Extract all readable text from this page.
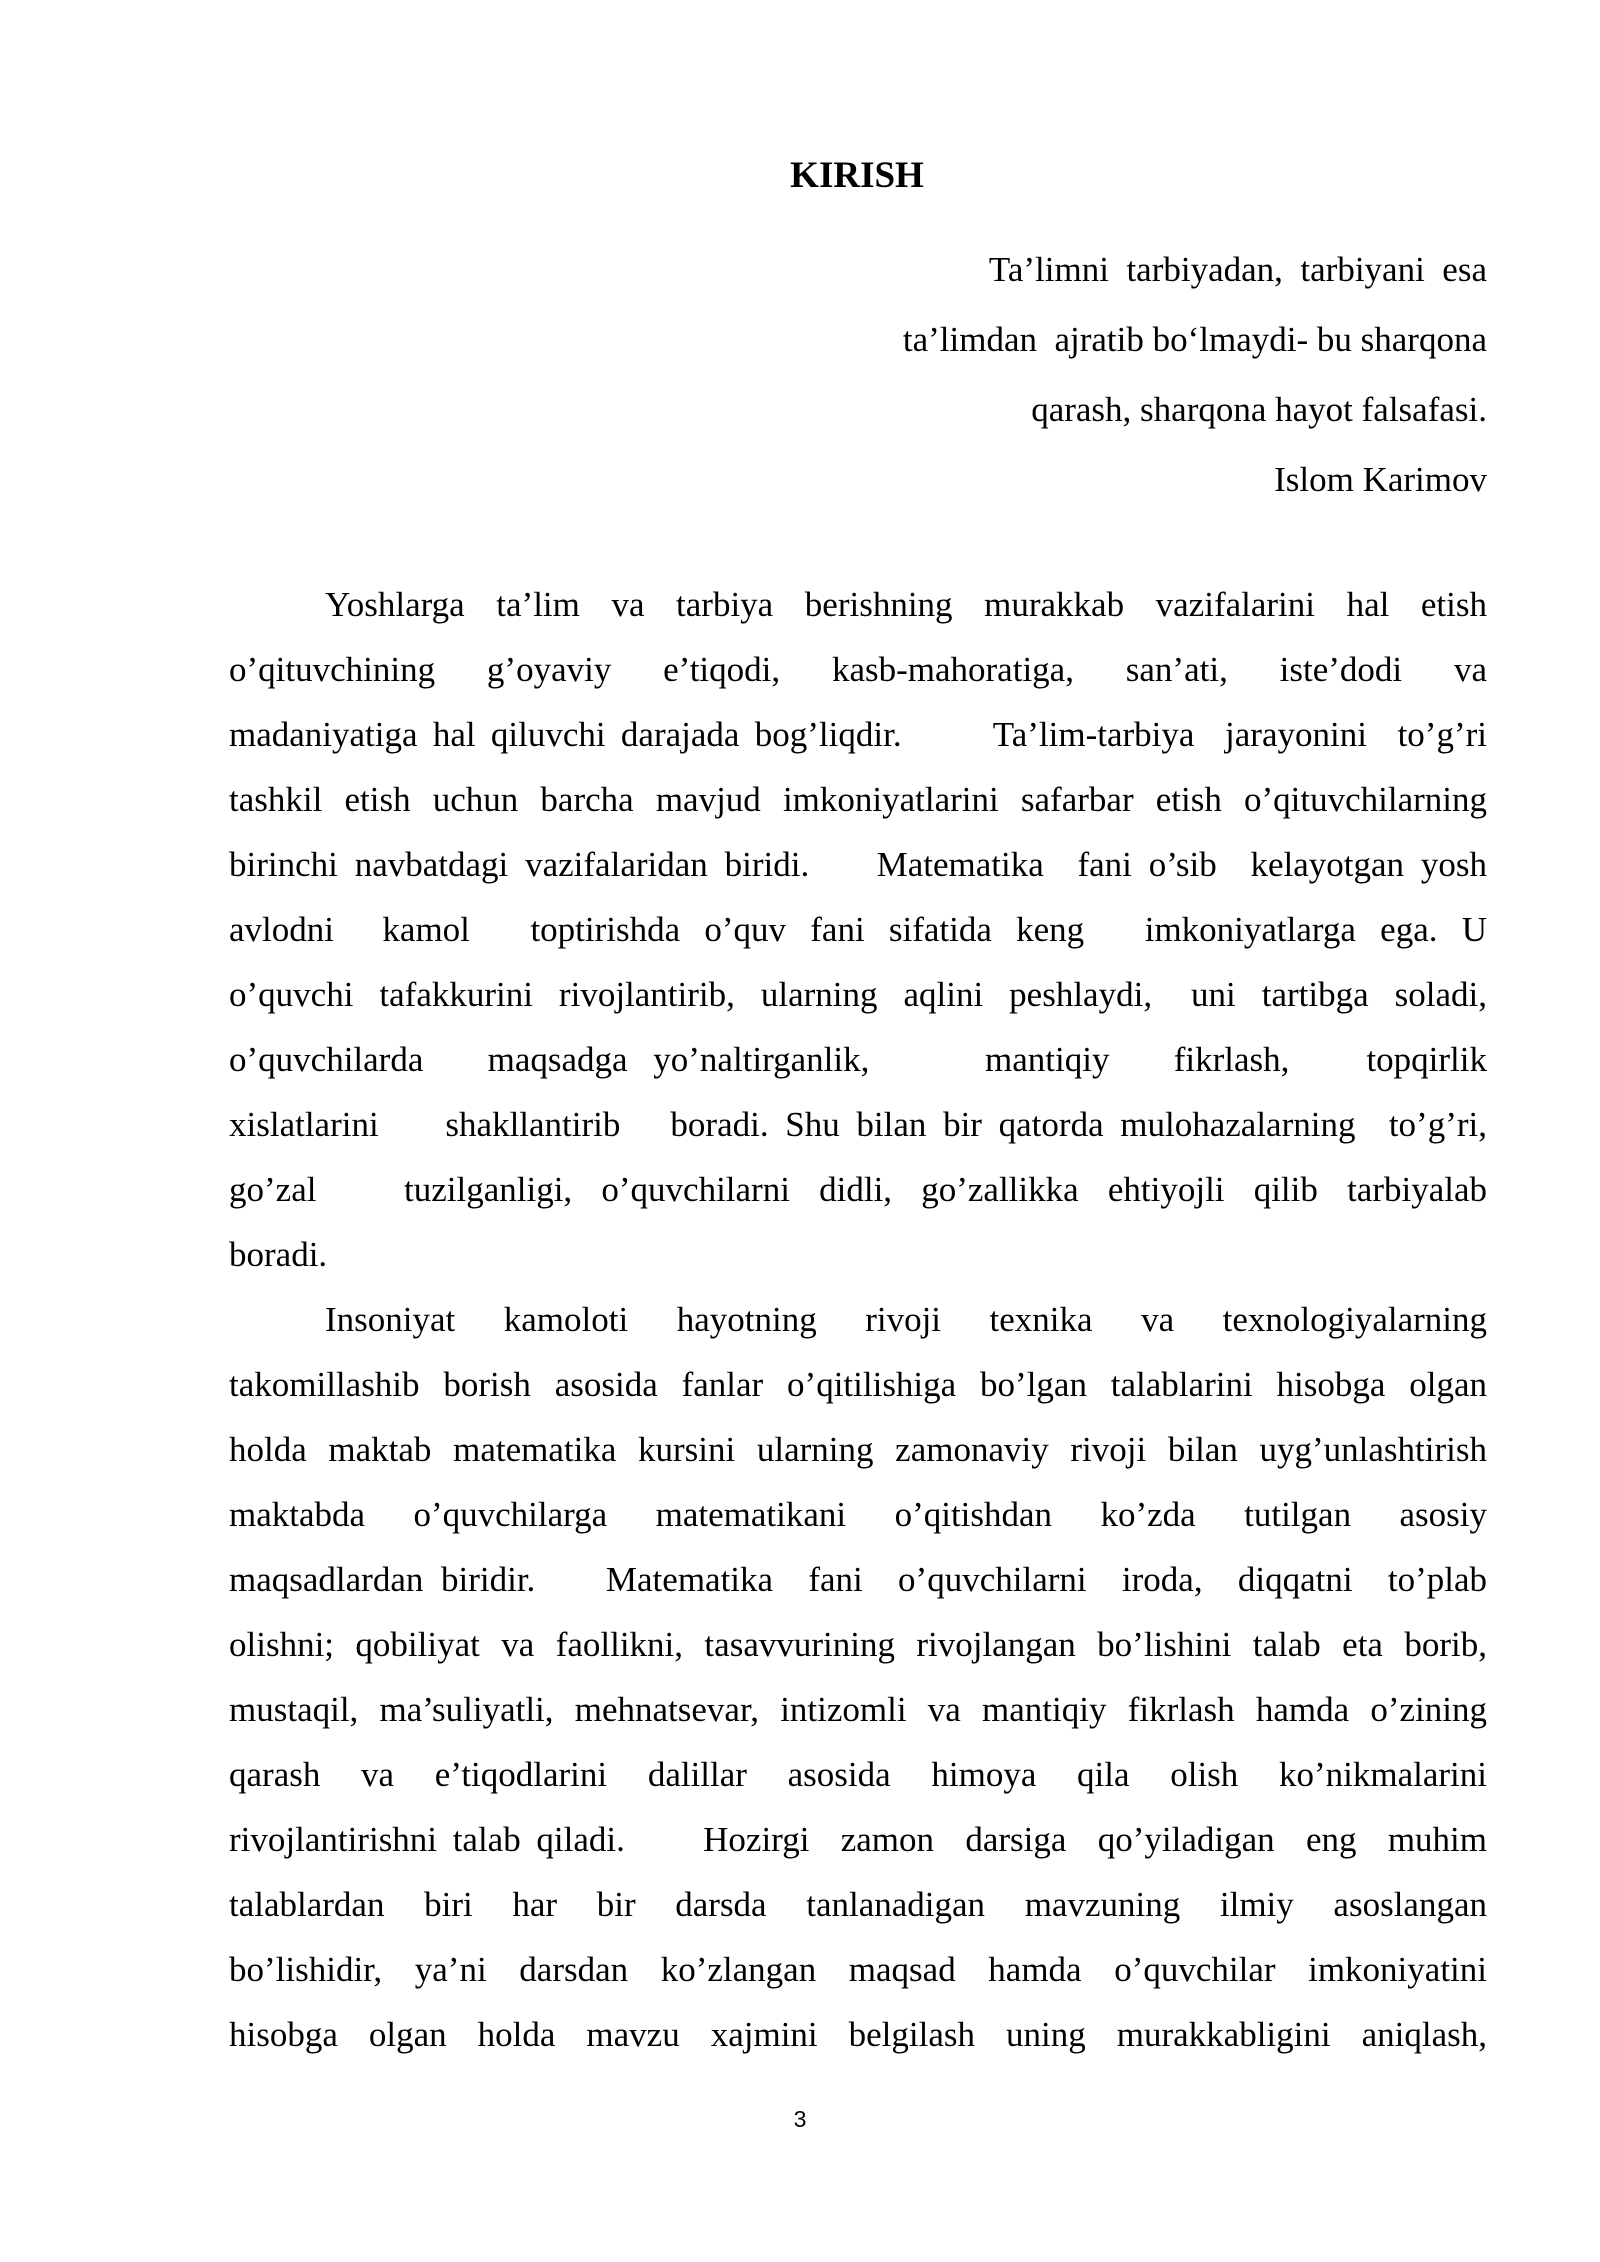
KIRISH
Ta’limni  tarbiyadan,  tarbiyani  esa
ta’limdan  ajratib bo‘lmaydi- bu sharqona
qarash, sharqona hayot falsafasi.
Islom Karimov
Yoshlarga  ta’lim  va  tarbiya  berishning  murakkab  vazifalarini  hal  etish
o’qituvchining    g’oyaviy    e’tiqodi,    kasb-mahoratiga,    san’ati,    iste’dodi    va
madaniyatiga hal qiluvchi darajada bog’liqdir.      Ta’lim-tarbiya  jarayonini  to’g’ri
tashkil etish uchun barcha mavjud imkoniyatlarini safarbar etish o’qituvchilarning
birinchi navbatdagi vazifalaridan biridi.    Matematika  fani o’sib  kelayotgan yosh
avlodni    kamol     toptirishda  o’quv  fani  sifatida  keng     imkoniyatlarga  ega.  U
o’quvchi  tafakkurini  rivojlantirib,  ularning  aqlini  peshlaydi,   uni  tartibga  soladi,
o’quvchilarda     maqsadga  yo’naltirganlik,         mantiqiy     fikrlash,      topqirlik
xislatlarini    shakllantirib   boradi. Shu bilan bir qatorda mulohazalarning  to’g’ri,
go’zal      tuzilganligi,  o’quvchilarni  didli,  go’zallikka  ehtiyojli  qilib  tarbiyalab
boradi.
Insoniyat    kamoloti    hayotning    rivoji    texnika    va    texnologiyalarning
takomillashib borish asosida fanlar o’qitilishiga bo’lgan talablarini hisobga olgan
holda maktab matematika kursini ularning zamonaviy rivoji bilan uyg’unlashtirish
maktabda   o’quvchilarga   matematikani   o’qitishdan   ko’zda   tutilgan   asosiy
maqsadlardan biridir.    Matematika  fani  o’quvchilarni  iroda,  diqqatni  to’plab
olishni; qobiliyat va faollikni, tasavvurining rivojlangan bo’lishini talab eta borib,
mustaqil, ma’suliyatli, mehnatsevar, intizomli va mantiqiy fikrlash hamda o’zining
qarash   va   e’tiqodlarini   dalillar   asosida   himoya   qila   olish   ko’nikmalarini
rivojlantirishni talab qiladi.     Hozirgi  zamon  darsiga  qo’yiladigan  eng  muhim
talablardan   biri   har   bir   darsda   tanlanadigan   mavzuning   ilmiy   asoslangan
bo’lishidir,  ya’ni  darsdan  ko’zlangan  maqsad  hamda  o’quvchilar  imkoniyatini
hisobga  olgan  holda  mavzu  xajmini  belgilash  uning  murakkabligini  aniqlash,
3
